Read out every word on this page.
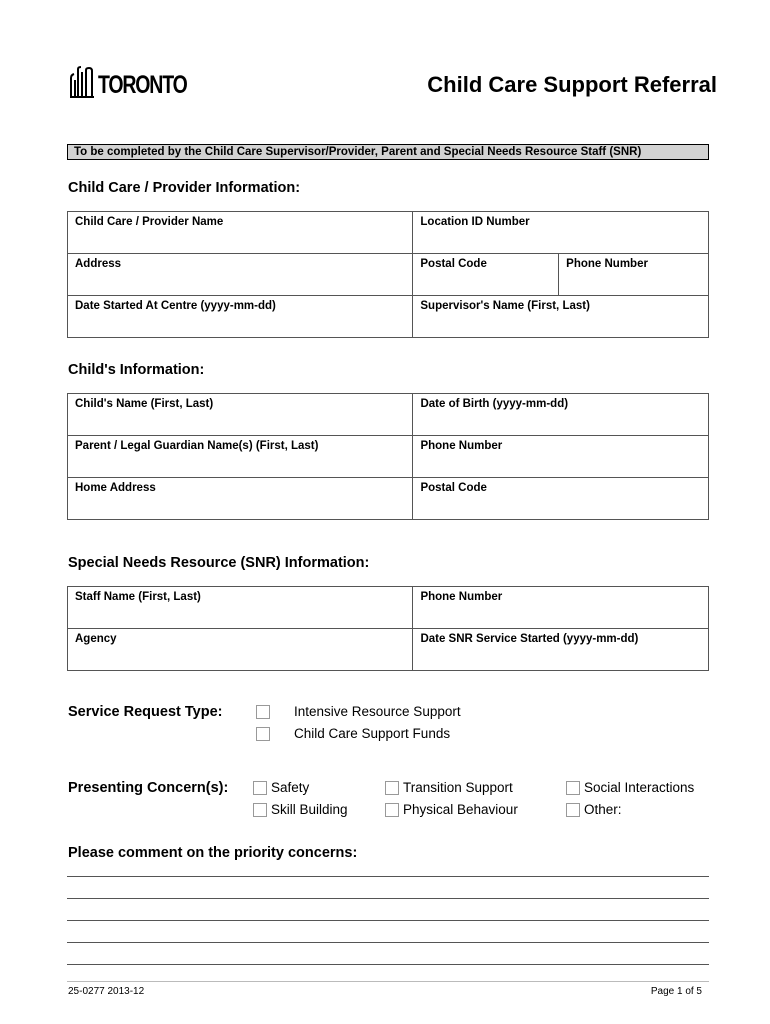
TORONTO	Child Care Support Referral
To be completed by the Child Care Supervisor/Provider, Parent and Special Needs Resource Staff (SNR)
Child Care / Provider Information:
Child Care / Provider Name	Location ID Number	
Address	Postal Code	Phone Number
Date Started At Centre (yyyy-mm-dd)	Supervisor's Name (First, Last)	
Child's Information:
Child's Name (First, Last)	Date of Birth (yyyy-mm-dd)
Parent / Legal Guardian Name(s) (First, Last)	Phone Number
Home Address	Postal Code
Special Needs Resource (SNR) Information:
Staff Name (First, Last)	Phone Number
Agency	Date SNR Service Started (yyyy-mm-dd)
Service Request Type:	Intensive Resource Support
Child Care Support Funds
Presenting Concern(s):	Safety	Transition Support	Social Interactions
Skill Building	Physical Behaviour	Other:
Please comment on the priority concerns:
25-0277 2013-12	Page 1 of 5
